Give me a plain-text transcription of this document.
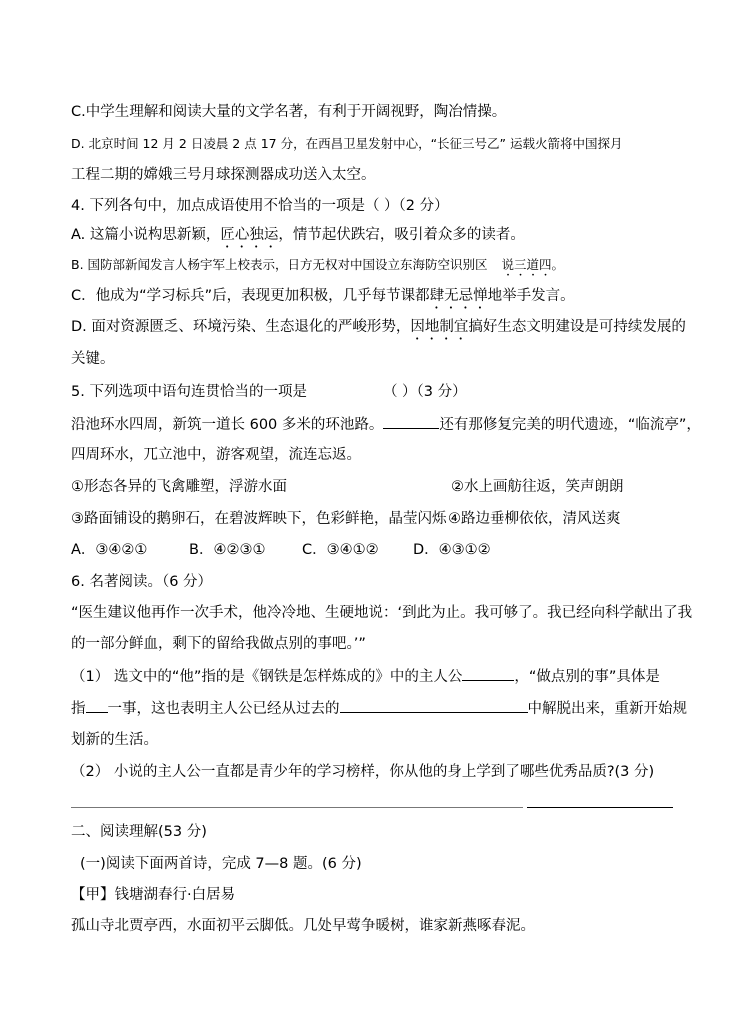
C.中学生理解和阅读大量的文学名著，有利于开阔视野，陶冶情操。
D. 北京时间 12 月 2 日凌晨 2 点 17 分，在西昌卫星发射中心，“长征三号乙” 运载火箭将中国探月
工程二期的嫦娥三号月球探测器成功送入太空。
4. 下列各句中，加点成语使用不恰当的一项是（ ）（2 分）
A. 这篇小说构思新颖，匠心独运，情节起伏跌宕，吸引着众多的读者。
B. 国防部新闻发言人杨宇军上校表示，日方无权对中国设立东海防空识别区 说三道四。
C．他成为“学习标兵”后，表现更加积极，几乎每节课都肆无忌惮地举手发言。
D. 面对资源匮乏、环境污染、生态退化的严峻形势，因地制宜搞好生态文明建设是可持续发展的
关键。
5. 下列选项中语句连贯恰当的一项是	（ ）（3 分）
沿池环水四周，新筑一道长 600 多米的环池路。	还有那修复完美的明代遗迹，“临流亭”，
四周环水，兀立池中，游客观望，流连忘返。
①形态各异的飞禽雕塑，浮游水面	②水上画舫往返，笑声朗朗
③路面铺设的鹅卵石，在碧波辉映下，色彩鲜艳，晶莹闪烁 ④路边垂柳依依，清风送爽
A．③④②①	B．④②③①	C．③④①② D．④③①②
6. 名著阅读。（6 分）
“医生建议他再作一次手术，他冷冷地、生硬地说：‘到此为止。我可够了。我已经向科学献出了我
的一部分鲜血，剩下的留给我做点别的事吧。’”
（1） 选文中的“他”指的是《钢铁是怎样炼成的》中的主人公	，“做点别的事”具体是
指 一事，这也表明主人公已经从过去的	中解脱出来，重新开始规
划新的生活。
（2） 小说的主人公一直都是青少年的学习榜样，你从他的身上学到了哪些优秀品质?(3 分)
二、阅读理解(53 分)
(一)阅读下面两首诗，完成 7—8 题。(6 分)
【甲】钱塘湖春行·白居易
孤山寺北贾亭西，水面初平云脚低。几处早莺争暖树，谁家新燕啄春泥。
